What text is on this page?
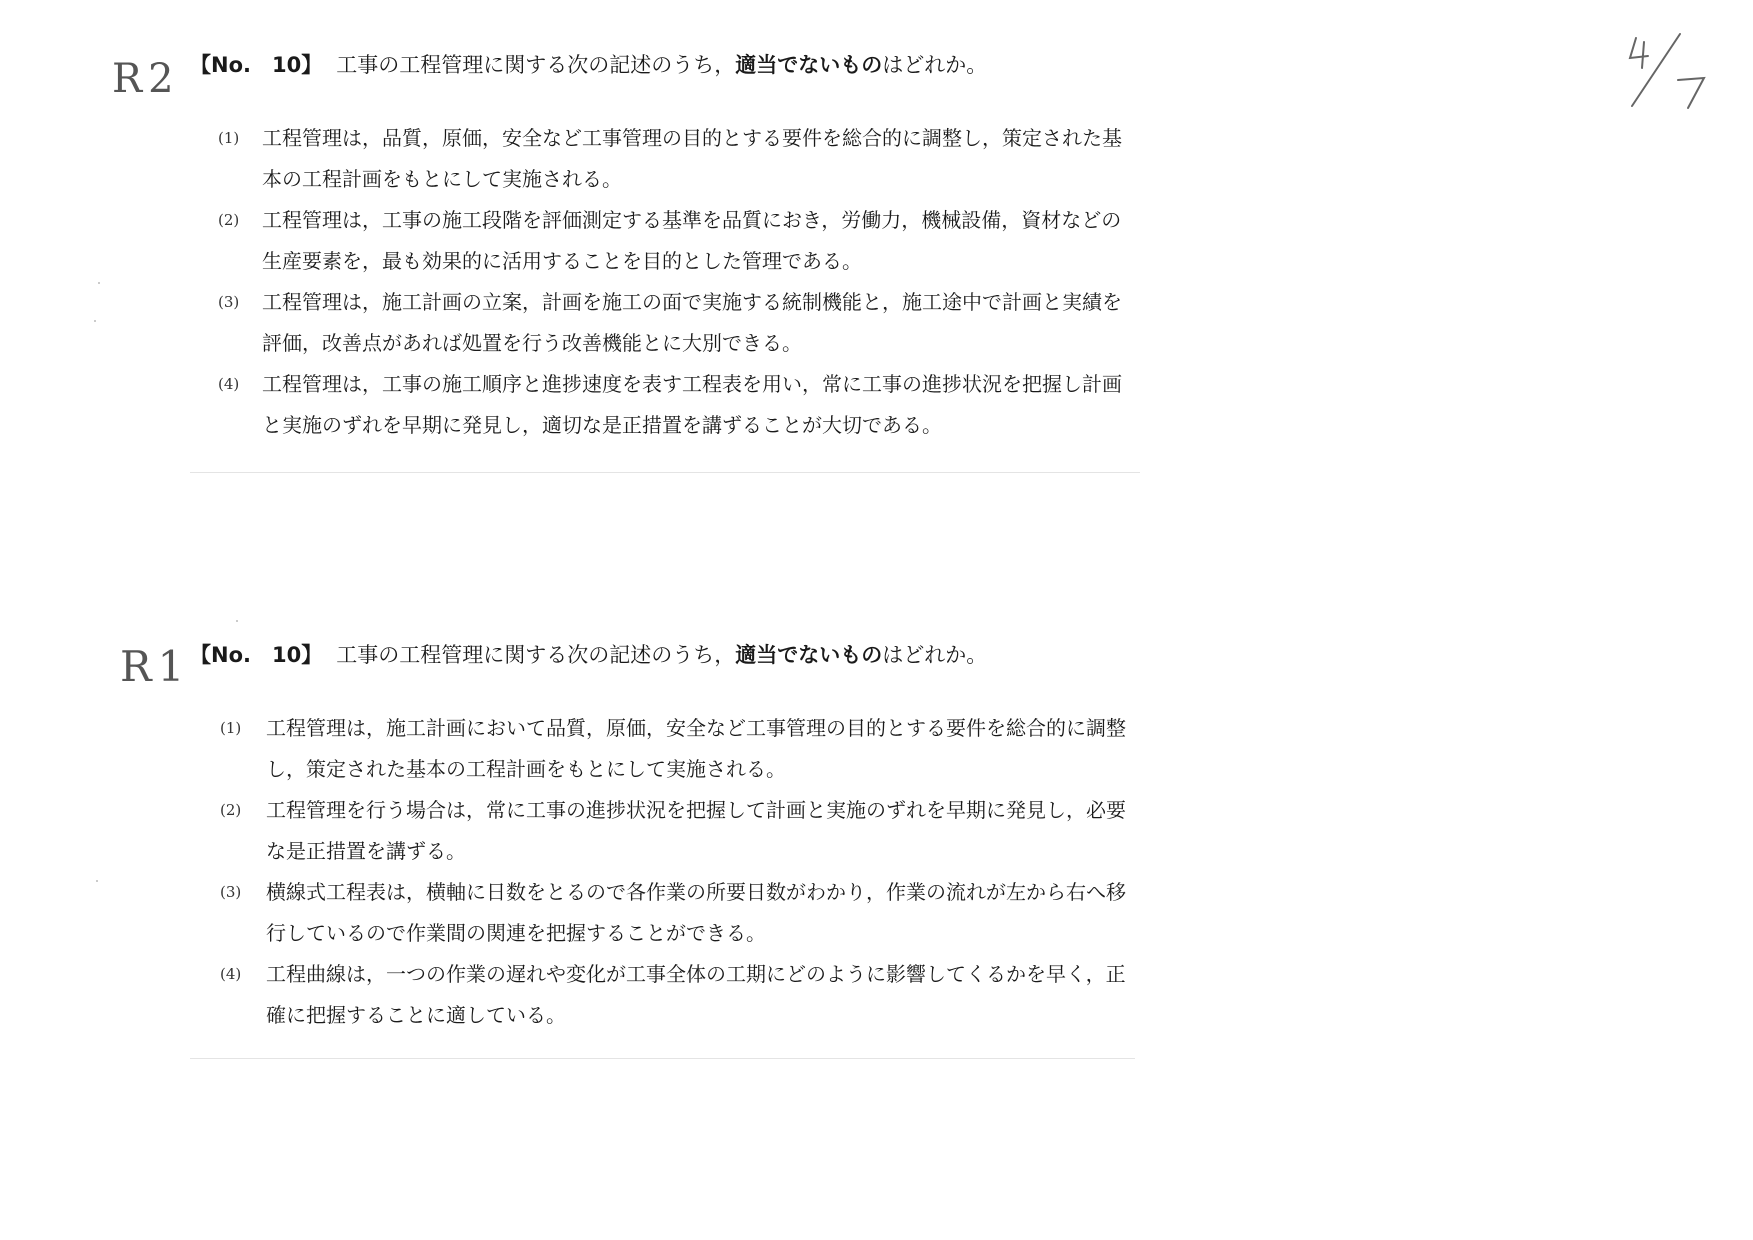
R2
R1

【No.　10】 工事の工程管理に関する次の記述のうち，適当でないものはどれか。

(1) 工程管理は，品質，原価，安全など工事管理の目的とする要件を総合的に調整し，策定された基本の工程計画をもとにして実施される。
(2) 工程管理は，工事の施工段階を評価測定する基準を品質におき，労働力，機械設備，資材などの生産要素を，最も効果的に活用することを目的とした管理である。
(3) 工程管理は，施工計画の立案，計画を施工の面で実施する統制機能と，施工途中で計画と実績を評価，改善点があれば処置を行う改善機能とに大別できる。
(4) 工程管理は，工事の施工順序と進捗速度を表す工程表を用い，常に工事の進捗状況を把握し計画と実施のずれを早期に発見し，適切な是正措置を講ずることが大切である。

【No.　10】 工事の工程管理に関する次の記述のうち，適当でないものはどれか。

(1) 工程管理は，施工計画において品質，原価，安全など工事管理の目的とする要件を総合的に調整し，策定された基本の工程計画をもとにして実施される。
(2) 工程管理を行う場合は，常に工事の進捗状況を把握して計画と実施のずれを早期に発見し，必要な是正措置を講ずる。
(3) 横線式工程表は，横軸に日数をとるので各作業の所要日数がわかり，作業の流れが左から右へ移行しているので作業間の関連を把握することができる。
(4) 工程曲線は，一つの作業の遅れや変化が工事全体の工期にどのように影響してくるかを早く，正確に把握することに適している。
